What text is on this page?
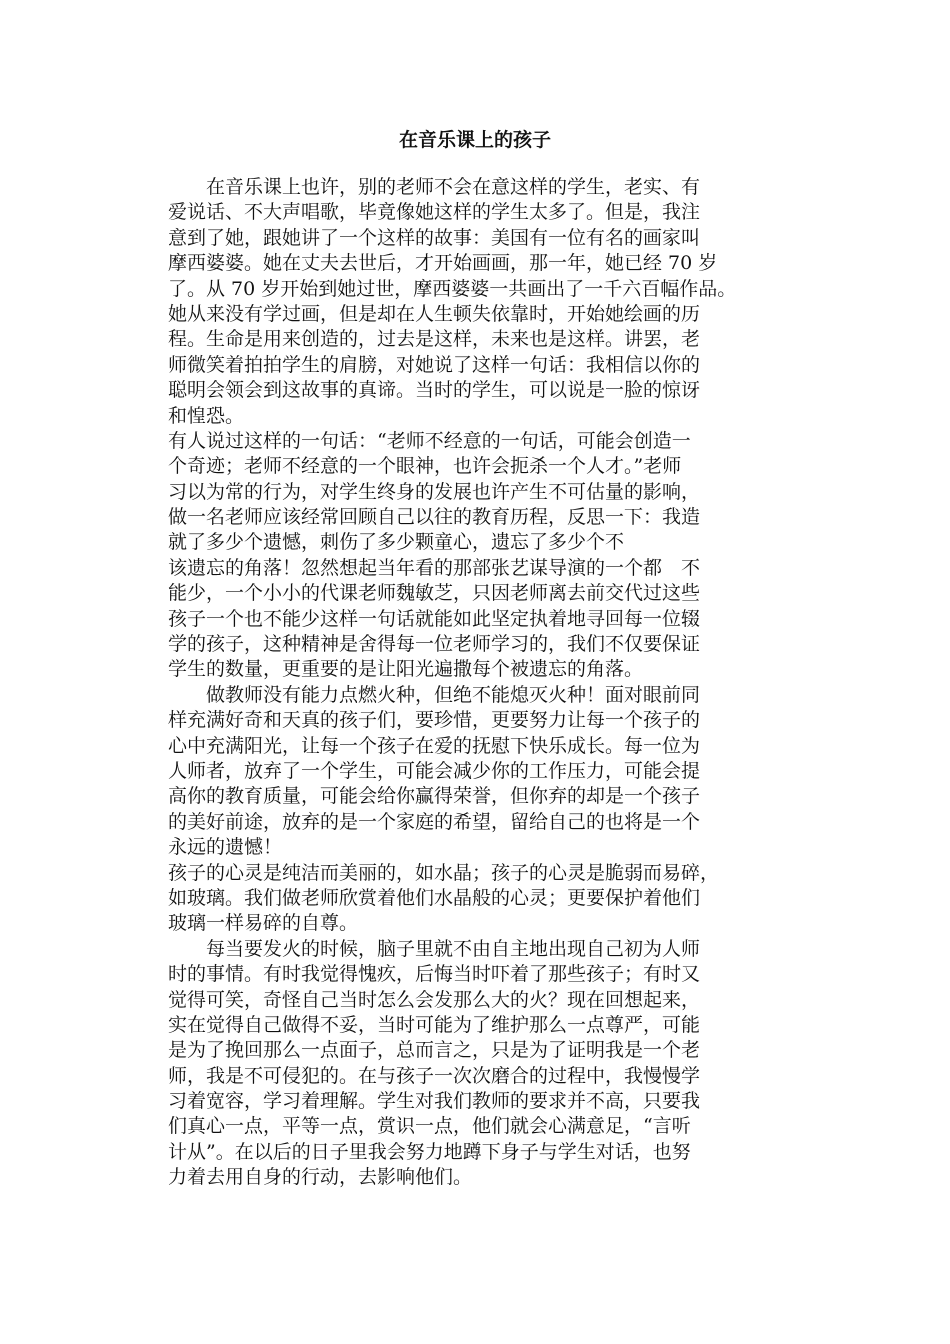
在音乐课上的孩子
　　在音乐课上也许，别的老师不会在意这样的学生，老实、有
爱说话、不大声唱歌，毕竟像她这样的学生太多了。但是，我注
意到了她，跟她讲了一个这样的故事：美国有一位有名的画家叫
摩西婆婆。她在丈夫去世后，才开始画画，那一年，她已经 70 岁
了。从 70 岁开始到她过世，摩西婆婆一共画出了一千六百幅作品。
她从来没有学过画，但是却在人生顿失依靠时，开始她绘画的历
程。生命是用来创造的，过去是这样，未来也是这样。讲罢，老
师微笑着拍拍学生的肩膀，对她说了这样一句话：我相信以你的
聪明会领会到这故事的真谛。当时的学生，可以说是一脸的惊讶
和惶恐。
有人说过这样的一句话：“老师不经意的一句话，可能会创造一
个奇迹；老师不经意的一个眼神，也许会扼杀一个人才。”老师
习以为常的行为，对学生终身的发展也许产生不可估量的影响，
做一名老师应该经常回顾自己以往的教育历程，反思一下：我造
就了多少个遗憾，刺伤了多少颗童心，遗忘了多少个不
该遗忘的角落！忽然想起当年看的那部张艺谋导演的一个都　不
能少，一个小小的代课老师魏敏芝，只因老师离去前交代过这些
孩子一个也不能少这样一句话就能如此坚定执着地寻回每一位辍
学的孩子，这种精神是舍得每一位老师学习的，我们不仅要保证
学生的数量，更重要的是让阳光遍撒每个被遗忘的角落。
　　做教师没有能力点燃火种，但绝不能熄灭火种！面对眼前同
样充满好奇和天真的孩子们，要珍惜，更要努力让每一个孩子的
心中充满阳光，让每一个孩子在爱的抚慰下快乐成长。每一位为
人师者，放弃了一个学生，可能会减少你的工作压力，可能会提
高你的教育质量，可能会给你赢得荣誉，但你弃的却是一个孩子
的美好前途，放弃的是一个家庭的希望，留给自己的也将是一个
永远的遗憾！
孩子的心灵是纯洁而美丽的，如水晶；孩子的心灵是脆弱而易碎，
如玻璃。我们做老师欣赏着他们水晶般的心灵；更要保护着他们
玻璃一样易碎的自尊。
　　每当要发火的时候，脑子里就不由自主地出现自己初为人师
时的事情。有时我觉得愧疚，后悔当时吓着了那些孩子；有时又
觉得可笑，奇怪自己当时怎么会发那么大的火？现在回想起来，
实在觉得自己做得不妥，当时可能为了维护那么一点尊严，可能
是为了挽回那么一点面子，总而言之，只是为了证明我是一个老
师，我是不可侵犯的。在与孩子一次次磨合的过程中，我慢慢学
习着宽容，学习着理解。学生对我们教师的要求并不高，只要我
们真心一点，平等一点，赏识一点，他们就会心满意足，“言听
计从”。在以后的日子里我会努力地蹲下身子与学生对话，也努
力着去用自身的行动，去影响他们。
